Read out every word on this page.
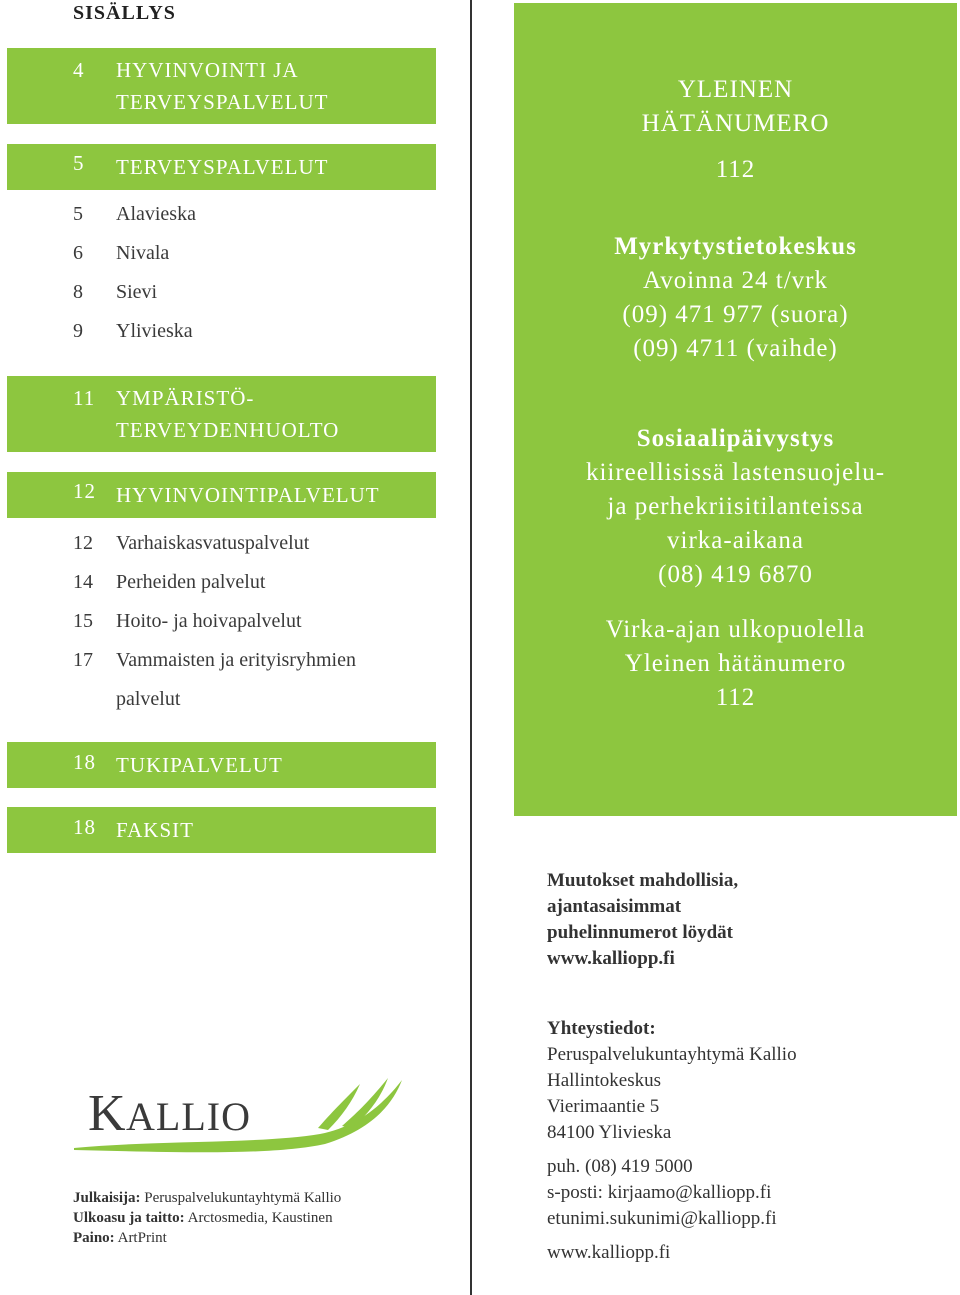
SISÄLLYS
4 HYVINVOINTI JA
TERVEYSPALVELUT
5 TERVEYSPALVELUT
5 Alavieska
6 Nivala
8 Sievi
9 Ylivieska
11 YMPÄRISTÖ-
TERVEYDENHUOLTO
12 HYVINVOINTIPALVELUT
12 Varhaiskasvatuspalvelut
14 Perheiden palvelut
15 Hoito- ja hoivapalvelut
17 Vammaisten ja erityisryhmien
palvelut
18 TUKIPALVELUT
18 FAKSIT
YLEINEN
HÄTÄNUMERO
112
Myrkytystietokeskus
Avoinna 24 t/vrk
(09) 471 977 (suora)
(09) 4711 (vaihde)
Sosiaalipäivystys
kiireellisissä lastensuojelu-
ja perhekriisitilanteissa
virka-aikana
(08) 419 6870
Virka-ajan ulkopuolella
Yleinen hätänumero
112
Muutokset mahdollisia,
ajantasaisimmat
puhelinnumerot löydät
www.kalliopp.fi
Yhteystiedot:
Peruspalvelukuntayhtymä Kallio
Hallintokeskus
Vierimaantie 5
84100 Ylivieska
puh. (08) 419 5000
s-posti: kirjaamo@kalliopp.fi
etunimi.sukunimi@kalliopp.fi
www.kalliopp.fi
K ALLIO
Julkaisija: Peruspalvelukuntayhtymä Kallio
Ulkoasu ja taitto: Arctosmedia, Kaustinen
Paino: ArtPrint
